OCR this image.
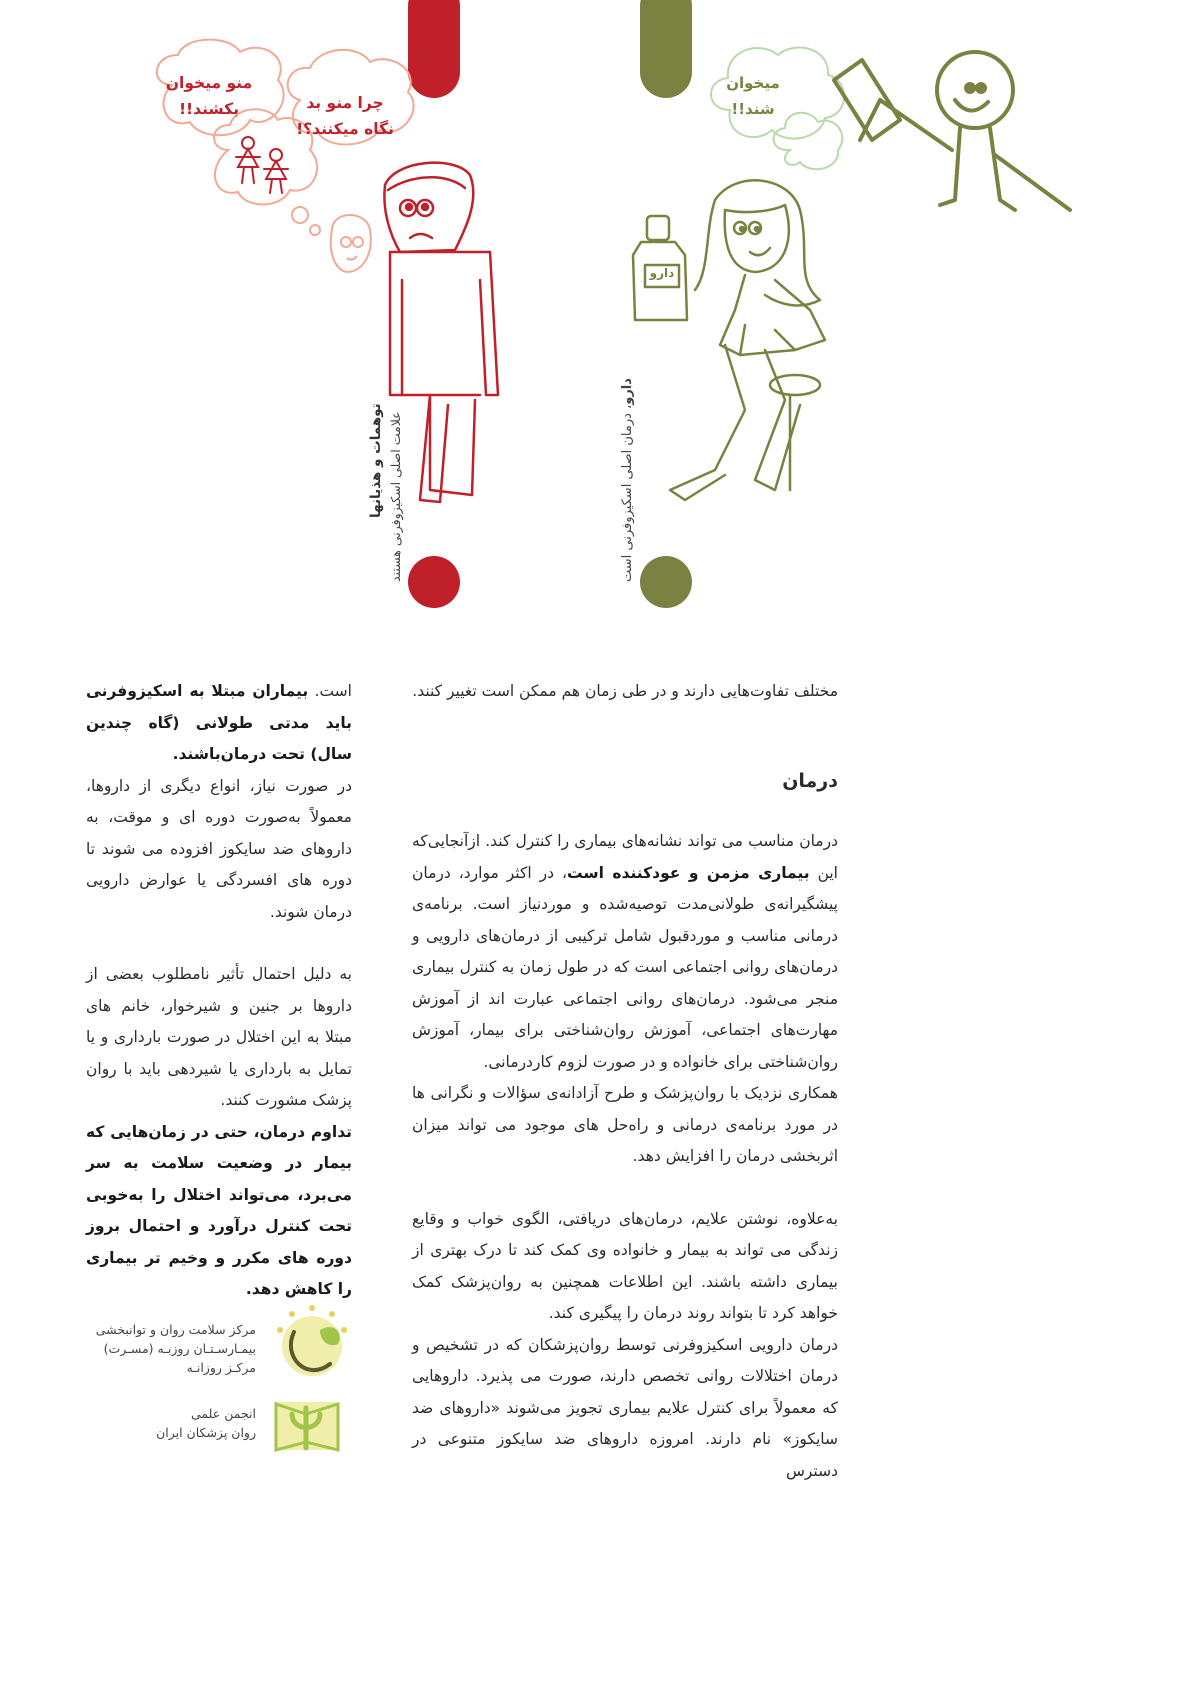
میخوان شند!!
دارو
دارو، درمان اصلی اسکیزوفرنی است
منو میخوان بکشند!!	چرا منو بد نگاه میکنند؟!
توهمات و هذیانها علامت اصلی اسکیزوفرنی هستند

مختلف تفاوت‌هایی دارند و در طی زمان هم ممکن است تغییر کنند.

درمان

درمان مناسب می تواند نشانه‌های بیماری را کنترل کند. ازآنجایی‌که این بیماری مزمن و عودکننده است، در اکثر موارد، درمان پیشگیرانه‌ی طولانی‌مدت توصیه‌شده و موردنیاز است. برنامه‌ی درمانی مناسب و موردقبول شامل ترکیبی از درمان‌های دارویی و درمان‌های روانی اجتماعی است که در طول زمان به کنترل بیماری منجر می‌شود. درمان‌های روانی اجتماعی عبارت اند از آموزش مهارت‌های اجتماعی، آموزش روان‌شناختی برای بیمار، آموزش روان‌شناختی برای خانواده و در صورت لزوم کاردرمانی.

همکاری نزدیک با روان‌پزشک و طرح آزادانه‌ی سؤالات و نگرانی ها در مورد برنامه‌ی درمانی و راه‌حل های موجود می تواند میزان اثربخشی درمان را افزایش دهد.

به‌علاوه، نوشتن علایم، درمان‌های دریافتی، الگوی خواب و وقایع زندگی می تواند به بیمار و خانواده وی کمک کند تا درک بهتری از بیماری داشته باشند. این اطلاعات همچنین به روان‌پزشک کمک خواهد کرد تا بتواند روند درمان را پیگیری کند.

درمان دارویی اسکیزوفرنی توسط روان‌پزشکان که در تشخیص و درمان اختلالات روانی تخصص دارند، صورت می پذیرد. داروهایی که معمولاً برای کنترل علایم بیماری تجویز می‌شوند «داروهای ضد سایکوز» نام دارند. امروزه داروهای ضد سایکوز متنوعی در دسترس

است. بیماران مبتلا به اسکیزوفرنی باید مدتی طولانی (گاه چندین سال) تحت درمان‌باشند.

در صورت نیاز، انواع دیگری از داروها، معمولاً به‌صورت دوره ای و موقت، به داروهای ضد سایکوز افزوده می شوند تا دوره های افسردگی یا عوارض دارویی درمان شوند.

به دلیل احتمال تأثیر نامطلوب بعضی از داروها بر جنین و شیرخوار، خانم های مبتلا به این اختلال در صورت بارداری و یا تمایل به بارداری یا شیردهی باید با روان پزشک مشورت کنند.

تداوم درمان، حتی در زمان‌هایی که بیمار در وضعیت سلامت به سر می‌برد، می‌تواند اختلال را به‌خوبی تحت کنترل درآورد و احتمال بروز دوره های مکرر و وخیم تر بیماری را کاهش دهد.

مرکز سلامت روان و توانبخشی
بیمـارسـتـان روزبـه (مسـرت)
مرکـز روزانـه
انجمن علمی
روان پزشکان ایران
